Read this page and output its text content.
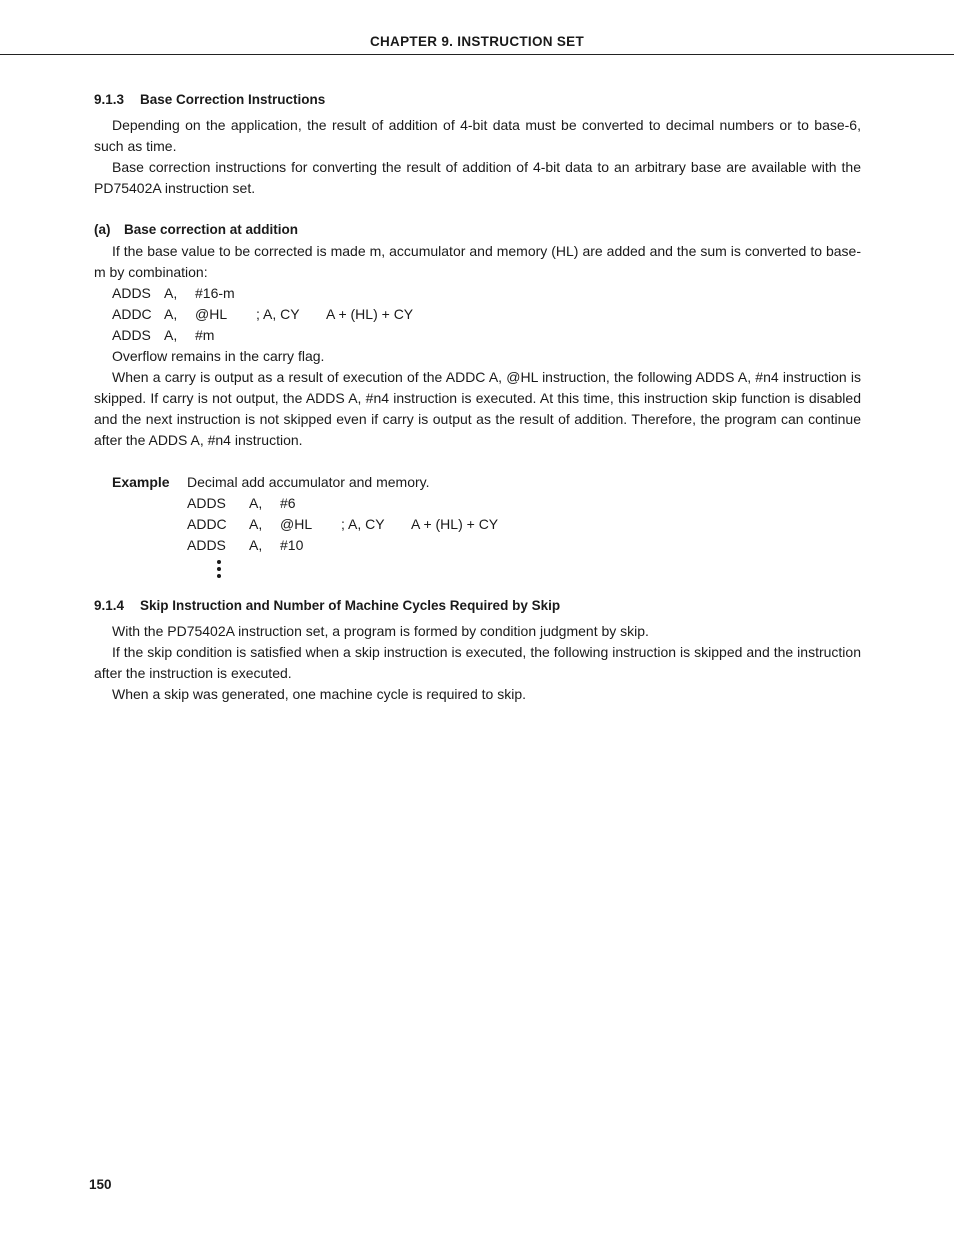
CHAPTER 9. INSTRUCTION SET
9.1.3 Base Correction Instructions

Depending on the application, the result of addition of 4-bit data must be converted to decimal numbers or to base-6, such as time.

Base correction instructions for converting the result of addition of 4-bit data to an arbitrary base are available with the PD75402A instruction set.

(a) Base correction at addition

If the base value to be corrected is made m, accumulator and memory (HL) are added and the sum is converted to base-m by combination:

ADDS A, #16-m
ADDC A, @HL ; A, CY A + (HL) + CY
ADDS A, #m

Overflow remains in the carry flag.

When a carry is output as a result of execution of the ADDC A, @HL instruction, the following ADDS A, #n4 instruction is skipped. If carry is not output, the ADDS A, #n4 instruction is executed. At this time, this instruction skip function is disabled and the next instruction is not skipped even if carry is output as the result of addition. Therefore, the program can continue after the ADDS A, #n4 instruction.

Example	Decimal add accumulator and memory.
ADDS A, #6
ADDC A, @HL ; A, CY A + (HL) + CY
ADDS A, #10
9.1.4 Skip Instruction and Number of Machine Cycles Required by Skip

With the PD75402A instruction set, a program is formed by condition judgment by skip.

If the skip condition is satisfied when a skip instruction is executed, the following instruction is skipped and the instruction after the instruction is executed.

When a skip was generated, one machine cycle is required to skip.

150
